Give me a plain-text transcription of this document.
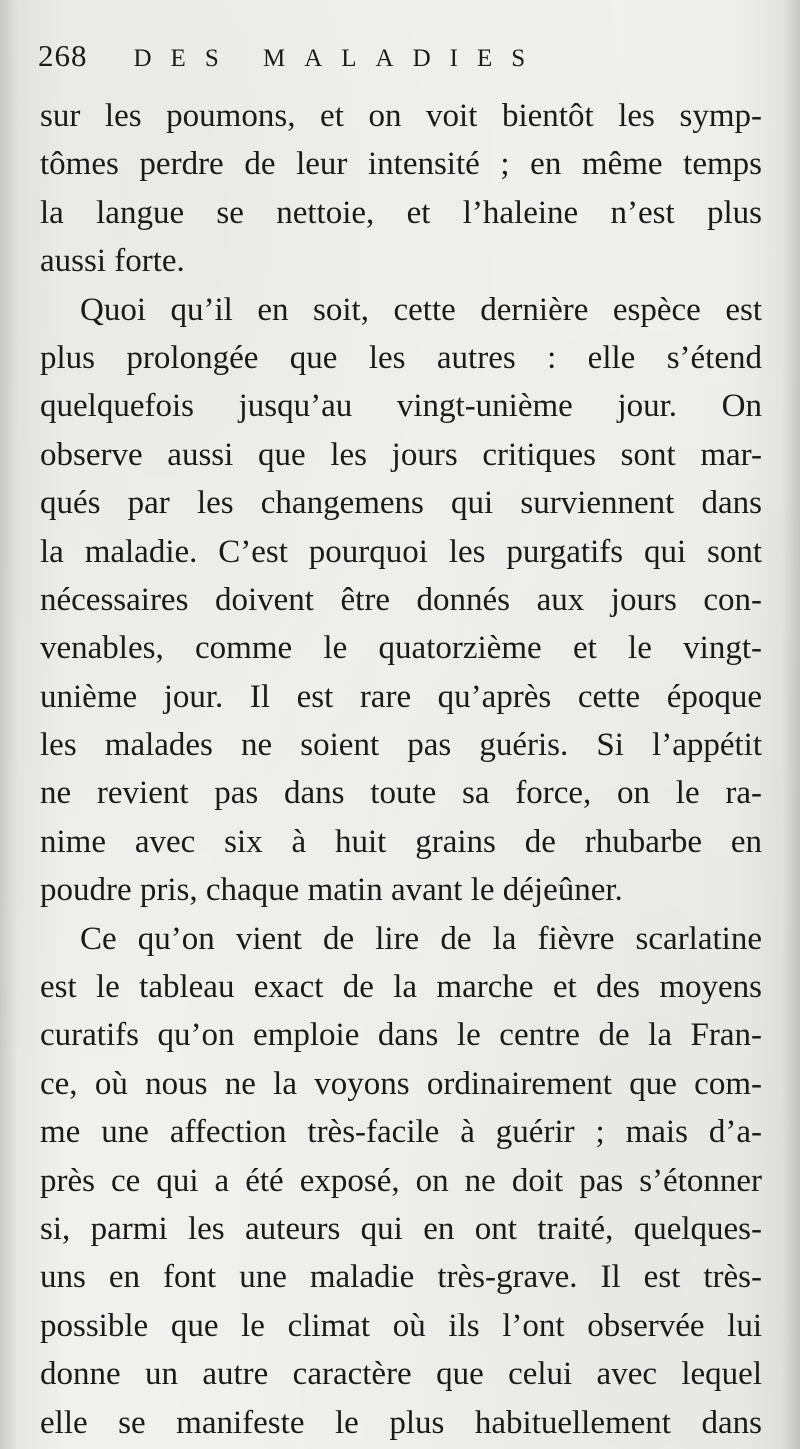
268 DES MALADIES
sur les poumons, et on voit bientôt les symp-
tômes perdre de leur intensité ; en même temps
la langue se nettoie, et l’haleine n’est plus
aussi forte.
Quoi qu’il en soit, cette dernière espèce est
plus prolongée que les autres : elle s’étend
quelquefois jusqu’au vingt-unième jour. On
observe aussi que les jours critiques sont mar-
qués par les changemens qui surviennent dans
la maladie. C’est pourquoi les purgatifs qui sont
nécessaires doivent être donnés aux jours con-
venables, comme le quatorzième et le vingt-
unième jour. Il est rare qu’après cette époque
les malades ne soient pas guéris. Si l’appétit
ne revient pas dans toute sa force, on le ra-
nime avec six à huit grains de rhubarbe en
poudre pris, chaque matin avant le déjeûner.
Ce qu’on vient de lire de la fièvre scarlatine
est le tableau exact de la marche et des moyens
curatifs qu’on emploie dans le centre de la Fran-
ce, où nous ne la voyons ordinairement que com-
me une affection très-facile à guérir ; mais d’a-
près ce qui a été exposé, on ne doit pas s’étonner
si, parmi les auteurs qui en ont traité, quelques-
uns en font une maladie très-grave. Il est très-
possible que le climat où ils l’ont observée lui
donne un autre caractère que celui avec lequel
elle se manifeste le plus habituellement dans
